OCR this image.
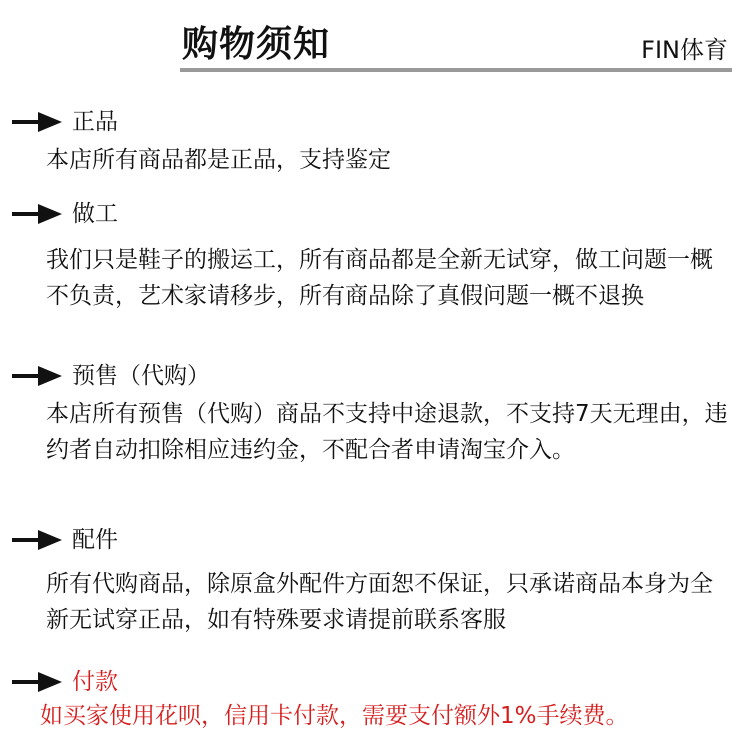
购物须知	FIN体育
正品
本店所有商品都是正品，支持鉴定
做工
我们只是鞋子的搬运工，所有商品都是全新无试穿，做工问题一概不负责，艺术家请移步，所有商品除了真假问题一概不退换
预售（代购）
本店所有预售（代购）商品不支持中途退款，不支持7天无理由，违约者自动扣除相应违约金，不配合者申请淘宝介入。
配件
所有代购商品，除原盒外配件方面恕不保证，只承诺商品本身为全新无试穿正品，如有特殊要求请提前联系客服
付款
如买家使用花呗，信用卡付款，需要支付额外1%手续费。
